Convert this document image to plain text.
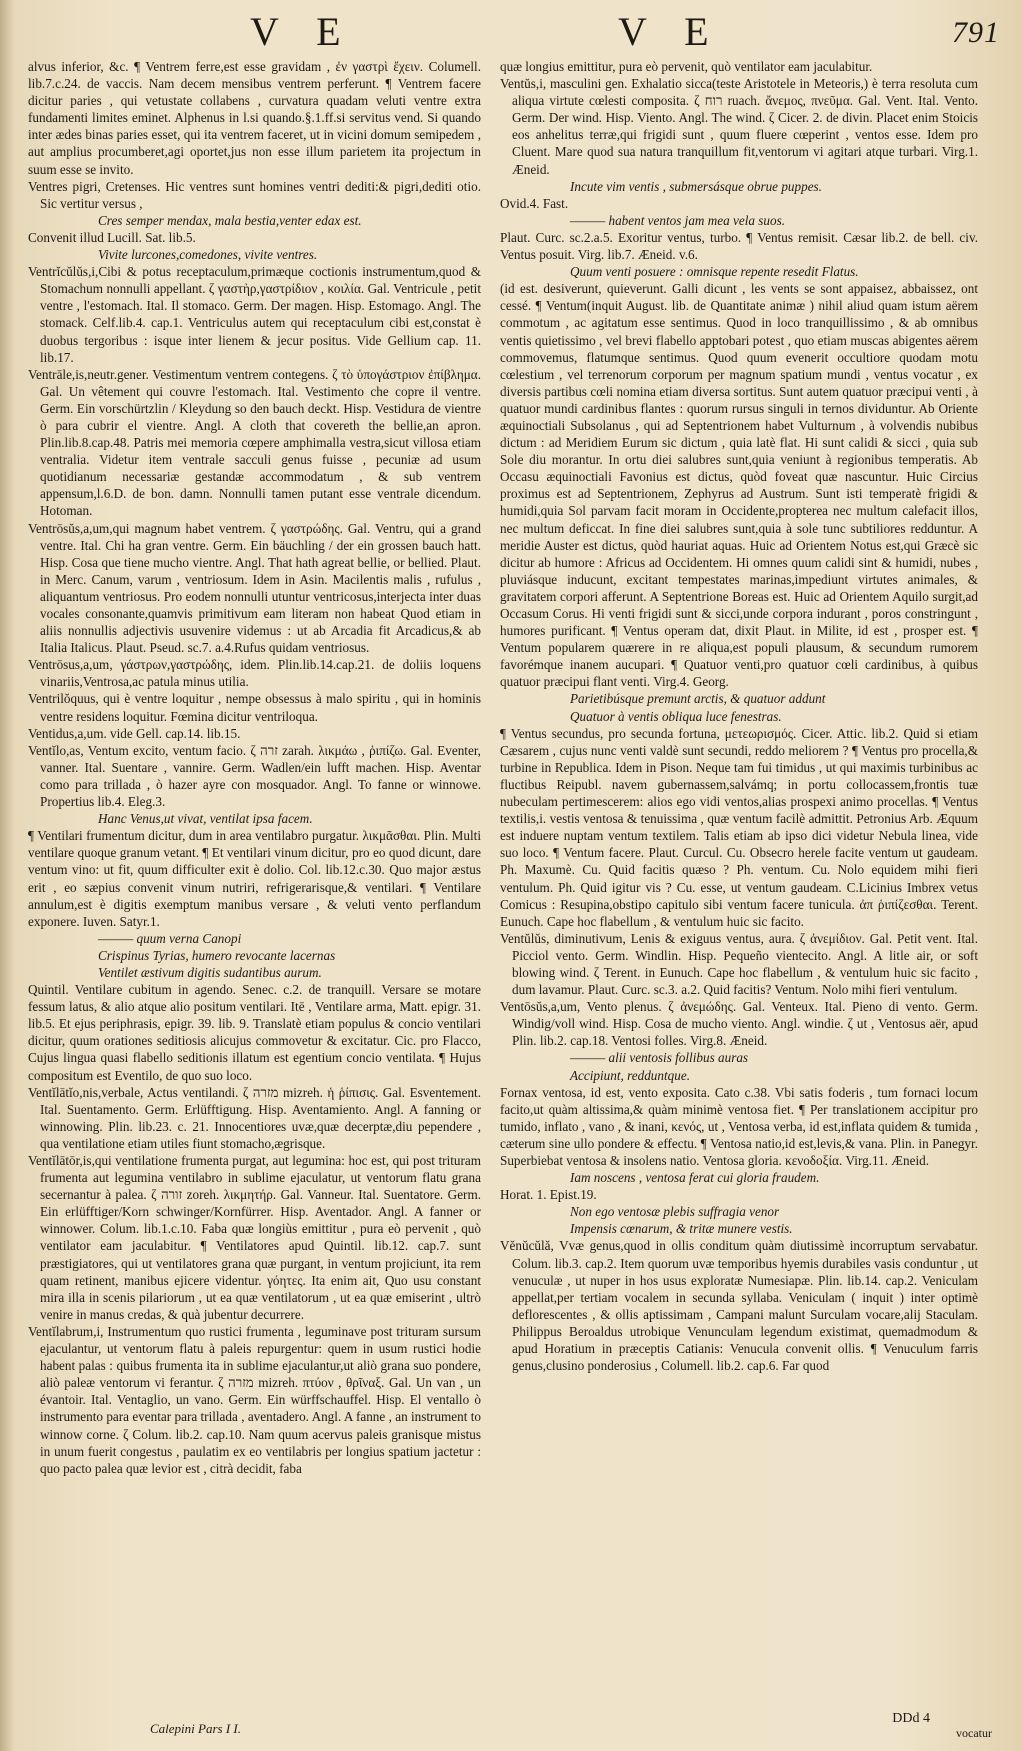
V E	V E	791

alvus inferior, &c. ¶ Ventrem ferre,est esse gravidam , ἐν γαστρὶ ἔχειν. Columell. lib.7.c.24. de vaccis. Nam decem mensibus ventrem perferunt. ¶ Ventrem facere dicitur paries , qui vetustate collabens , curvatura quadam veluti ventre extra fundamenti limites eminet. Alphenus in l.si quando.§.1.ff.si servitus vend. Si quando inter ædes binas paries esset, qui ita ventrem faceret, ut in vicini domum semipedem , aut amplius procumberet,agi oportet,jus non esse illum parietem ita projectum in suum esse se invito.

Ventres pigri, Cretenses. Hic ventres sunt homines ventri dediti:& pigri,dediti otio. Sic vertitur versus ,

Cres semper mendax, mala bestia,venter edax est.

Convenit illud Lucill. Sat. lib.5.

Vivite lurcones,comedones, vivite ventres.

Ventrĭcŭlŭs,i,Cibi & potus receptaculum,primæque coctionis instrumentum,quod & Stomachum nonnulli appellant. ζ γαστὴρ,γαστρίδιον , κοιλία. Gal. Ventricule , petit ventre , l'estomach. Ital. Il stomaco. Germ. Der magen. Hisp. Estomago. Angl. The stomack. Celf.lib.4. cap.1. Ventriculus autem qui receptaculum cibi est,constat è duobus tergoribus : isque inter lienem & jecur positus. Vide Gellium cap. 11. lib.17.

Ventrāle,is,neutr.gener. Vestimentum ventrem contegens. ζ τὸ ὑπογάστριον ἐπίβλημα. Gal. Un vêtement qui couvre l'estomach. Ital. Vestimento che copre il ventre. Germ. Ein vorschürtzlin / Kleydung so den bauch deckt. Hisp. Vestidura de vientre ò para cubrir el vientre. Angl. A cloth that covereth the bellie,an apron. Plin.lib.8.cap.48. Patris mei memoria cœpere amphimalla vestra,sicut villosa etiam ventralia. Videtur item ventrale sacculi genus fuisse , pecuniæ ad usum quotidianum necessariæ gestandæ accommodatum , & sub ventrem appensum,l.6.D. de bon. damn. Nonnulli tamen putant esse ventrale dicendum. Hotoman.

Ventrōsŭs,a,um,qui magnum habet ventrem. ζ γαστρώδης. Gal. Ventru, qui a grand ventre. Ital. Chi ha gran ventre. Germ. Ein bäuchling / der ein grossen bauch hatt. Hisp. Cosa que tiene mucho vientre. Angl. That hath agreat bellie, or bellied. Plaut. in Merc. Canum, varum , ventriosum. Idem in Asin. Macilentis malis , rufulus , aliquantum ventriosus. Pro eodem nonnulli utuntur ventricosus,interjecta inter duas vocales consonante,quamvis primitivum eam literam non habeat Quod etiam in aliis nonnullis adjectivis usuvenire videmus : ut ab Arcadia fit Arcadicus,& ab Italia Italicus. Plaut. Pseud. sc.7. a.4.Rufus quidam ventriosus.

Ventrōsus,a,um, γάστρων,γαστρώδης, idem. Plin.lib.14.cap.21. de doliis loquens vinariis,Ventrosa,ac patula minus utilia.

Ventrilŏquus, qui è ventre loquitur , nempe obsessus à malo spiritu , qui in hominis ventre residens loquitur. Fœmina dicitur ventriloqua.

Ventidus,a,um. vide Gell. cap.14. lib.15.

Ventĭlo,as, Ventum excito, ventum facio. ζ זרה zarah. λικμάω , ῥιπίζω. Gal. Eventer, vanner. Ital. Suentare , vannire. Germ. Wadlen/ein lufft machen. Hisp. Aventar como para trillada , ò hazer ayre con mosquador. Angl. To fanne or winnowe. Propertius lib.4. Eleg.3.

Hanc Venus,ut vivat, ventilat ipsa facem.

¶ Ventilari frumentum dicitur, dum in area ventilabro purgatur. λικμᾶσθαι. Plin. Multi ventilare quoque granum vetant. ¶ Et ventilari vinum dicitur, pro eo quod dicunt, dare ventum vino: ut fit, quum difficulter exit è dolio. Col. lib.12.c.30. Quo major æstus erit , eo sæpius convenit vinum nutriri, refrigerarisque,& ventilari. ¶ Ventilare annulum,est è digitis exemptum manibus versare , & veluti vento perflandum exponere. Iuven. Satyr.1.

——— quum verna Canopi

Crispinus Tyrias, humero revocante lacernas

Ventilet æstivum digitis sudantibus aurum.

Quintil. Ventilare cubitum in agendo. Senec. c.2. de tranquill. Versare se motare fessum latus, & alio atque alio positum ventilari. Itē , Ventilare arma, Matt. epigr. 31. lib.5. Et ejus periphrasis, epigr. 39. lib. 9. Translatè etiam populus & concio ventilari dicitur, quum orationes seditiosis alicujus commovetur & excitatur. Cic. pro Flacco, Cujus lingua quasi flabello seditionis illatum est egentium concio ventilata. ¶ Hujus compositum est Eventilo, de quo suo loco.

Ventĭlātĭo,nis,verbale, Actus ventilandi. ζ מזרה mizreh. ἡ ῥίπισις. Gal. Esventement. Ital. Suentamento. Germ. Erlüfftigung. Hisp. Aventamiento. Angl. A fanning or winnowing. Plin. lib.23. c. 21. Innocentiores uvæ,quæ decerptæ,diu pependere , qua ventilatione etiam utiles fiunt stomacho,ægrisque.

Ventĭlātōr,is,qui ventilatione frumenta purgat, aut legumina: hoc est, qui post trituram frumenta aut legumina ventilabro in sublime ejaculatur, ut ventorum flatu grana secernantur à palea. ζ זורה zoreh. λικμητήρ. Gal. Vanneur. Ital. Suentatore. Germ. Ein erlüfftiger/Korn schwinger/Kornfürrer. Hisp. Aventador. Angl. A fanner or winnower. Colum. lib.1.c.10. Faba quæ longiùs emittitur , pura eò pervenit , quò ventilator eam jaculabitur. ¶ Ventilatores apud Quintil. lib.12. cap.7. sunt præstigiatores, qui ut ventilatores grana quæ purgant, in ventum projiciunt, ita rem quam retinent, manibus ejicere videntur. γόητες. Ita enim ait, Quo usu constant mira illa in scenis pilariorum , ut ea quæ ventilatorum , ut ea quæ emiserint , ultrò venire in manus credas, & quà jubentur decurrere.

Ventĭlabrum,i, Instrumentum quo rustici frumenta , leguminave post trituram sursum ejaculantur, ut ventorum flatu à paleis repurgentur: quem in usum rustici hodie habent palas : quibus frumenta ita in sublime ejaculantur,ut aliò grana suo pondere, aliò paleæ ventorum vi ferantur. ζ מזרה mizreh. πτύον , θρῖναξ. Gal. Un van , un évantoir. Ital. Ventaglio, un vano. Germ. Ein würffschauffel. Hisp. El ventallo ò instrumento para eventar para trillada , aventadero. Angl. A fanne , an instrument to winnow corne. ζ Colum. lib.2. cap.10. Nam quum acervus paleis granisque mistus in unum fuerit congestus , paulatim ex eo ventilabris per longius spatium jactetur : quo pacto palea quæ levior est , citrà decidit, faba

quæ longius emittitur, pura eò pervenit, quò ventilator eam jaculabitur.

Ventŭs,i, masculini gen. Exhalatio sicca(teste Aristotele in Meteoris,) è terra resoluta cum aliqua virtute cœlesti composita. ζ רוח ruach. ἄνεμος, πνεῦμα. Gal. Vent. Ital. Vento. Germ. Der wind. Hisp. Viento. Angl. The wind. ζ Cicer. 2. de divin. Placet enim Stoicis eos anhelitus terræ,qui frigidi sunt , quum fluere cœperint , ventos esse. Idem pro Cluent. Mare quod sua natura tranquillum fit,ventorum vi agitari atque turbari. Virg.1. Æneid.

Incute vim ventis , submersásque obrue puppes.

Ovid.4. Fast.

——— habent ventos jam mea vela suos.

Plaut. Curc. sc.2.a.5. Exoritur ventus, turbo. ¶ Ventus remisit. Cæsar lib.2. de bell. civ. Ventus posuit. Virg. lib.7. Æneid. v.6.

Quum venti posuere : omnisque repente resedit Flatus.

(id est. desiverunt, quieverunt. Galli dicunt , les vents se sont appaisez, abbaissez, ont cessé. ¶ Ventum(inquit August. lib. de Quantitate animæ ) nihil aliud quam istum aërem commotum , ac agitatum esse sentimus. Quod in loco tranquillissimo , & ab omnibus ventis quietissimo , vel brevi flabello apptobari potest , quo etiam muscas abigentes aërem commovemus, flatumque sentimus. Quod quum evenerit occultiore quodam motu cœlestium , vel terrenorum corporum per magnum spatium mundi , ventus vocatur , ex diversis partibus cœli nomina etiam diversa sortitus. Sunt autem quatuor præcipui venti , à quatuor mundi cardinibus flantes : quorum rursus singuli in ternos dividuntur. Ab Oriente æquinoctiali Subsolanus , qui ad Septentrionem habet Vulturnum , à volvendis nubibus dictum : ad Meridiem Eurum sic dictum , quia latè flat. Hi sunt calidi & sicci , quia sub Sole diu morantur. In ortu diei salubres sunt,quia veniunt à regionibus temperatis. Ab Occasu æquinoctiali Favonius est dictus, quòd foveat quæ nascuntur. Huic Circius proximus est ad Septentrionem, Zephyrus ad Austrum. Sunt isti temperatè frigidi & humidi,quia Sol parvam facit moram in Occidente,propterea nec multum calefacit illos, nec multum deficcat. In fine diei salubres sunt,quia à sole tunc subtiliores redduntur. A meridie Auster est dictus, quòd hauriat aquas. Huic ad Orientem Notus est,qui Græcè sic dicitur ab humore : Africus ad Occidentem. Hi omnes quum calidi sint & humidi, nubes , pluviásque inducunt, excitant tempestates marinas,impediunt virtutes animales, & gravitatem corpori afferunt. A Septentrione Boreas est. Huic ad Orientem Aquilo surgit,ad Occasum Corus. Hi venti frigidi sunt & sicci,unde corpora indurant , poros constringunt , humores purificant. ¶ Ventus operam dat, dixit Plaut. in Milite, id est , prosper est. ¶ Ventum popularem quærere in re aliqua,est populi plausum, & secundum rumorem favorémque inanem aucupari. ¶ Quatuor venti,pro quatuor cœli cardinibus, à quibus quatuor præcipui flant venti. Virg.4. Georg.

Parietibúsque premunt arctis, & quatuor addunt

Quatuor à ventis obliqua luce fenestras.

¶ Ventus secundus, pro secunda fortuna, μετεωρισμός. Cicer. Attic. lib.2. Quid si etiam Cæsarem , cujus nunc venti valdè sunt secundi, reddo meliorem ? ¶ Ventus pro procella,& turbine in Republica. Idem in Pison. Neque tam fui timidus , ut qui maximis turbinibus ac fluctibus Reipubl. navem gubernassem,salvámq; in portu collocassem,frontis tuæ nubeculam pertimescerem: alios ego vidi ventos,alias prospexi animo procellas. ¶ Ventus textilis,i. vestis ventosa & tenuissima , quæ ventum facilè admittit. Petronius Arb. Æquum est induere nuptam ventum textilem. Talis etiam ab ipso dici videtur Nebula linea, vide suo loco. ¶ Ventum facere. Plaut. Curcul. Cu. Obsecro herele facite ventum ut gaudeam. Ph. Maxumè. Cu. Quid facitis quæso ? Ph. ventum. Cu. Nolo equidem mihi fieri ventulum. Ph. Quid igitur vis ? Cu. esse, ut ventum gaudeam. C.Licinius Imbrex vetus Comicus : Resupina,obstipo capitulo sibi ventum facere tunicula. ἀπ ῥιπίζεσθαι. Terent. Eunuch. Cape hoc flabellum , & ventulum huic sic facito.

Ventŭlŭs, diminutivum, Lenis & exiguus ventus, aura. ζ ἀνεμίδιον. Gal. Petit vent. Ital. Picciol vento. Germ. Windlin. Hisp. Pequeño vientecito. Angl. A litle air, or soft blowing wind. ζ Terent. in Eunuch. Cape hoc flabellum , & ventulum huic sic facito , dum lavamur. Plaut. Curc. sc.3. a.2. Quid facitis? Ventum. Nolo mihi fieri ventulum.

Ventōsŭs,a,um, Vento plenus. ζ ἀνεμώδης. Gal. Venteux. Ital. Pieno di vento. Germ. Windig/voll wind. Hisp. Cosa de mucho viento. Angl. windie. ζ ut , Ventosus aër, apud Plin. lib.2. cap.18. Ventosi folles. Virg.8. Æneid.

——— alii ventosis follibus auras

Accipiunt, redduntque.

Fornax ventosa, id est, vento exposita. Cato c.38. Vbi satis foderis , tum fornaci locum facito,ut quàm altissima,& quàm minimè ventosa fiet. ¶ Per translationem accipitur pro tumido, inflato , vano , & inani, κενός, ut , Ventosa verba, id est,inflata quidem & tumida , cæterum sine ullo pondere & effectu. ¶ Ventosa natio,id est,levis,& vana. Plin. in Panegyr. Superbiebat ventosa & insolens natio. Ventosa gloria. κενοδοξία. Virg.11. Æneid.

Iam noscens , ventosa ferat cui gloria fraudem.

Horat. 1. Epist.19.

Non ego ventosæ plebis suffragia venor

Impensis cœnarum, & tritæ munere vestis.

Vĕnŭcŭlă, Vvæ genus,quod in ollis conditum quàm diutissimè incorruptum servabatur. Colum. lib.3. cap.2. Item quorum uvæ temporibus hyemis durabiles vasis conduntur , ut venuculæ , ut nuper in hos usus exploratæ Numesiapæ. Plin. lib.14. cap.2. Veniculam appellat,per tertiam vocalem in secunda syllaba. Veniculam ( inquit ) inter optimè deflorescentes , & ollis aptissimam , Campani malunt Surculam vocare,alij Staculam. Philippus Beroaldus utrobique Venunculam legendum existimat, quemadmodum & apud Horatium in præceptis Catianis: Venucula convenit ollis. ¶ Venuculum farris genus,clusino ponderosius , Columell. lib.2. cap.6. Far quod

Calepini Pars I I.
DDd 4
vocatur
